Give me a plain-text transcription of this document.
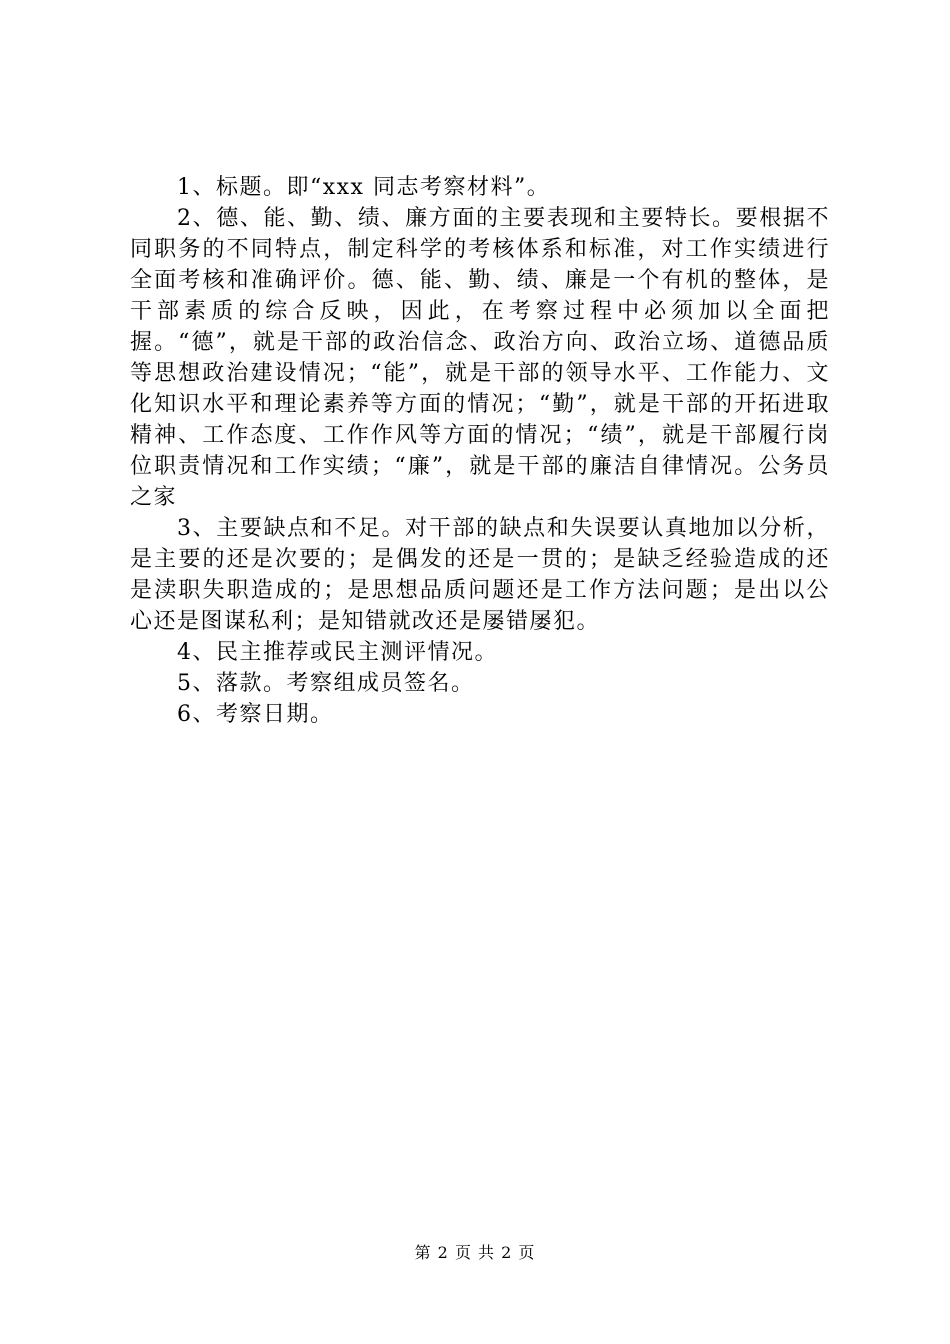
1、标题。即“xxx 同志考察材料”。

2、德、能、勤、绩、廉方面的主要表现和主要特长。要根据不同职务的不同特点，制定科学的考核体系和标准，对工作实绩进行全面考核和准确评价。德、能、勤、绩、廉是一个有机的整体，是干部素质的综合反映，因此，在考察过程中必须加以全面把握。“德”，就是干部的政治信念、政治方向、政治立场、道德品质等思想政治建设情况；“能”，就是干部的领导水平、工作能力、文化知识水平和理论素养等方面的情况；“勤”，就是干部的开拓进取精神、工作态度、工作作风等方面的情况；“绩”，就是干部履行岗位职责情况和工作实绩；“廉”，就是干部的廉洁自律情况。公务员之家

3、主要缺点和不足。对干部的缺点和失误要认真地加以分析，是主要的还是次要的；是偶发的还是一贯的；是缺乏经验造成的还是渎职失职造成的；是思想品质问题还是工作方法问题；是出以公心还是图谋私利；是知错就改还是屡错屡犯。

4、民主推荐或民主测评情况。

5、落款。考察组成员签名。

6、考察日期。

第 2 页 共 2 页
